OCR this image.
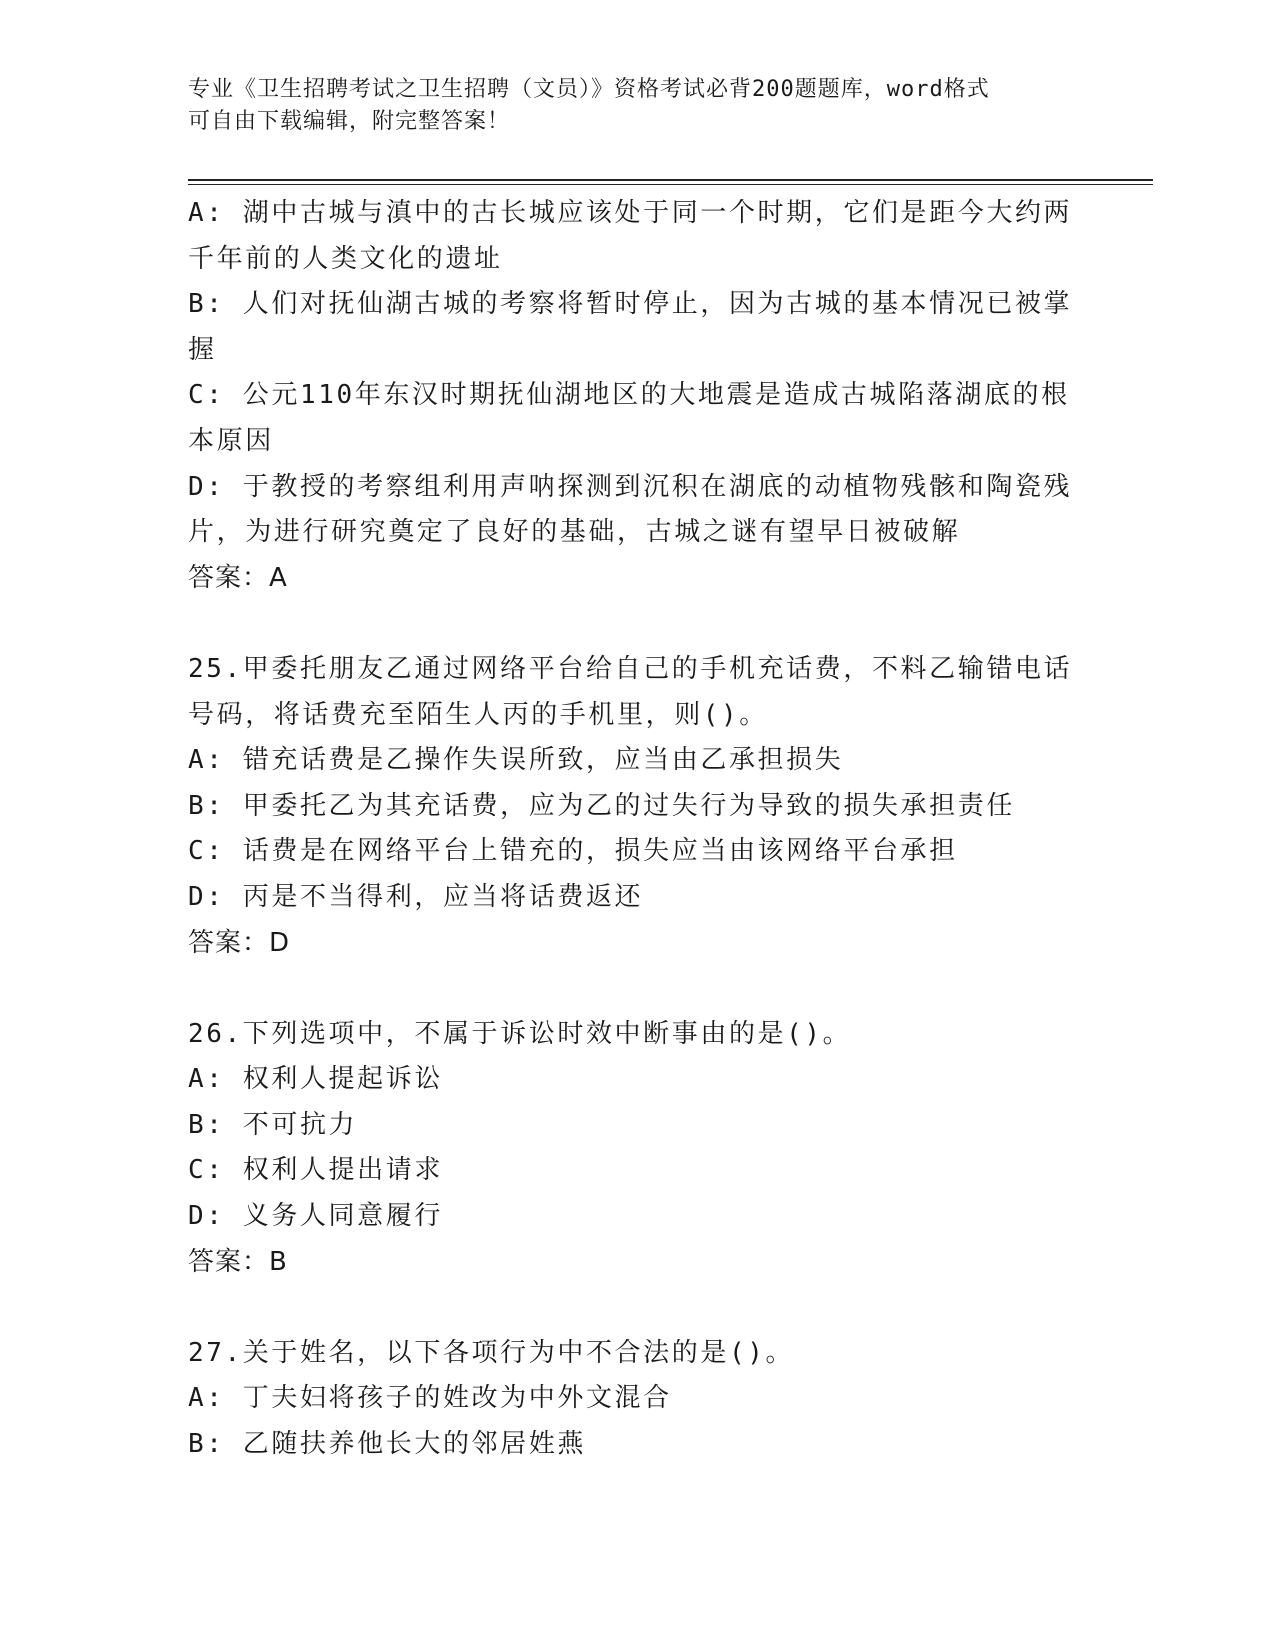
专业《卫生招聘考试之卫生招聘（文员）》资格考试必背200题题库，word格式
可自由下载编辑，附完整答案！
A: 湖中古城与滇中的古长城应该处于同一个时期，它们是距今大约两
千年前的人类文化的遗址
B: 人们对抚仙湖古城的考察将暂时停止，因为古城的基本情况已被掌
握
C: 公元110年东汉时期抚仙湖地区的大地震是造成古城陷落湖底的根
本原因
D: 于教授的考察组利用声呐探测到沉积在湖底的动植物残骸和陶瓷残
片，为进行研究奠定了良好的基础，古城之谜有望早日被破解
答案：A
25.甲委托朋友乙通过网络平台给自己的手机充话费，不料乙输错电话
号码，将话费充至陌生人丙的手机里，则()。
A: 错充话费是乙操作失误所致，应当由乙承担损失
B: 甲委托乙为其充话费，应为乙的过失行为导致的损失承担责任
C: 话费是在网络平台上错充的，损失应当由该网络平台承担
D: 丙是不当得利，应当将话费返还
答案：D
26.下列选项中，不属于诉讼时效中断事由的是()。
A: 权利人提起诉讼
B: 不可抗力
C: 权利人提出请求
D: 义务人同意履行
答案：B
27.关于姓名，以下各项行为中不合法的是()。
A: 丁夫妇将孩子的姓改为中外文混合
B: 乙随扶养他长大的邻居姓燕
